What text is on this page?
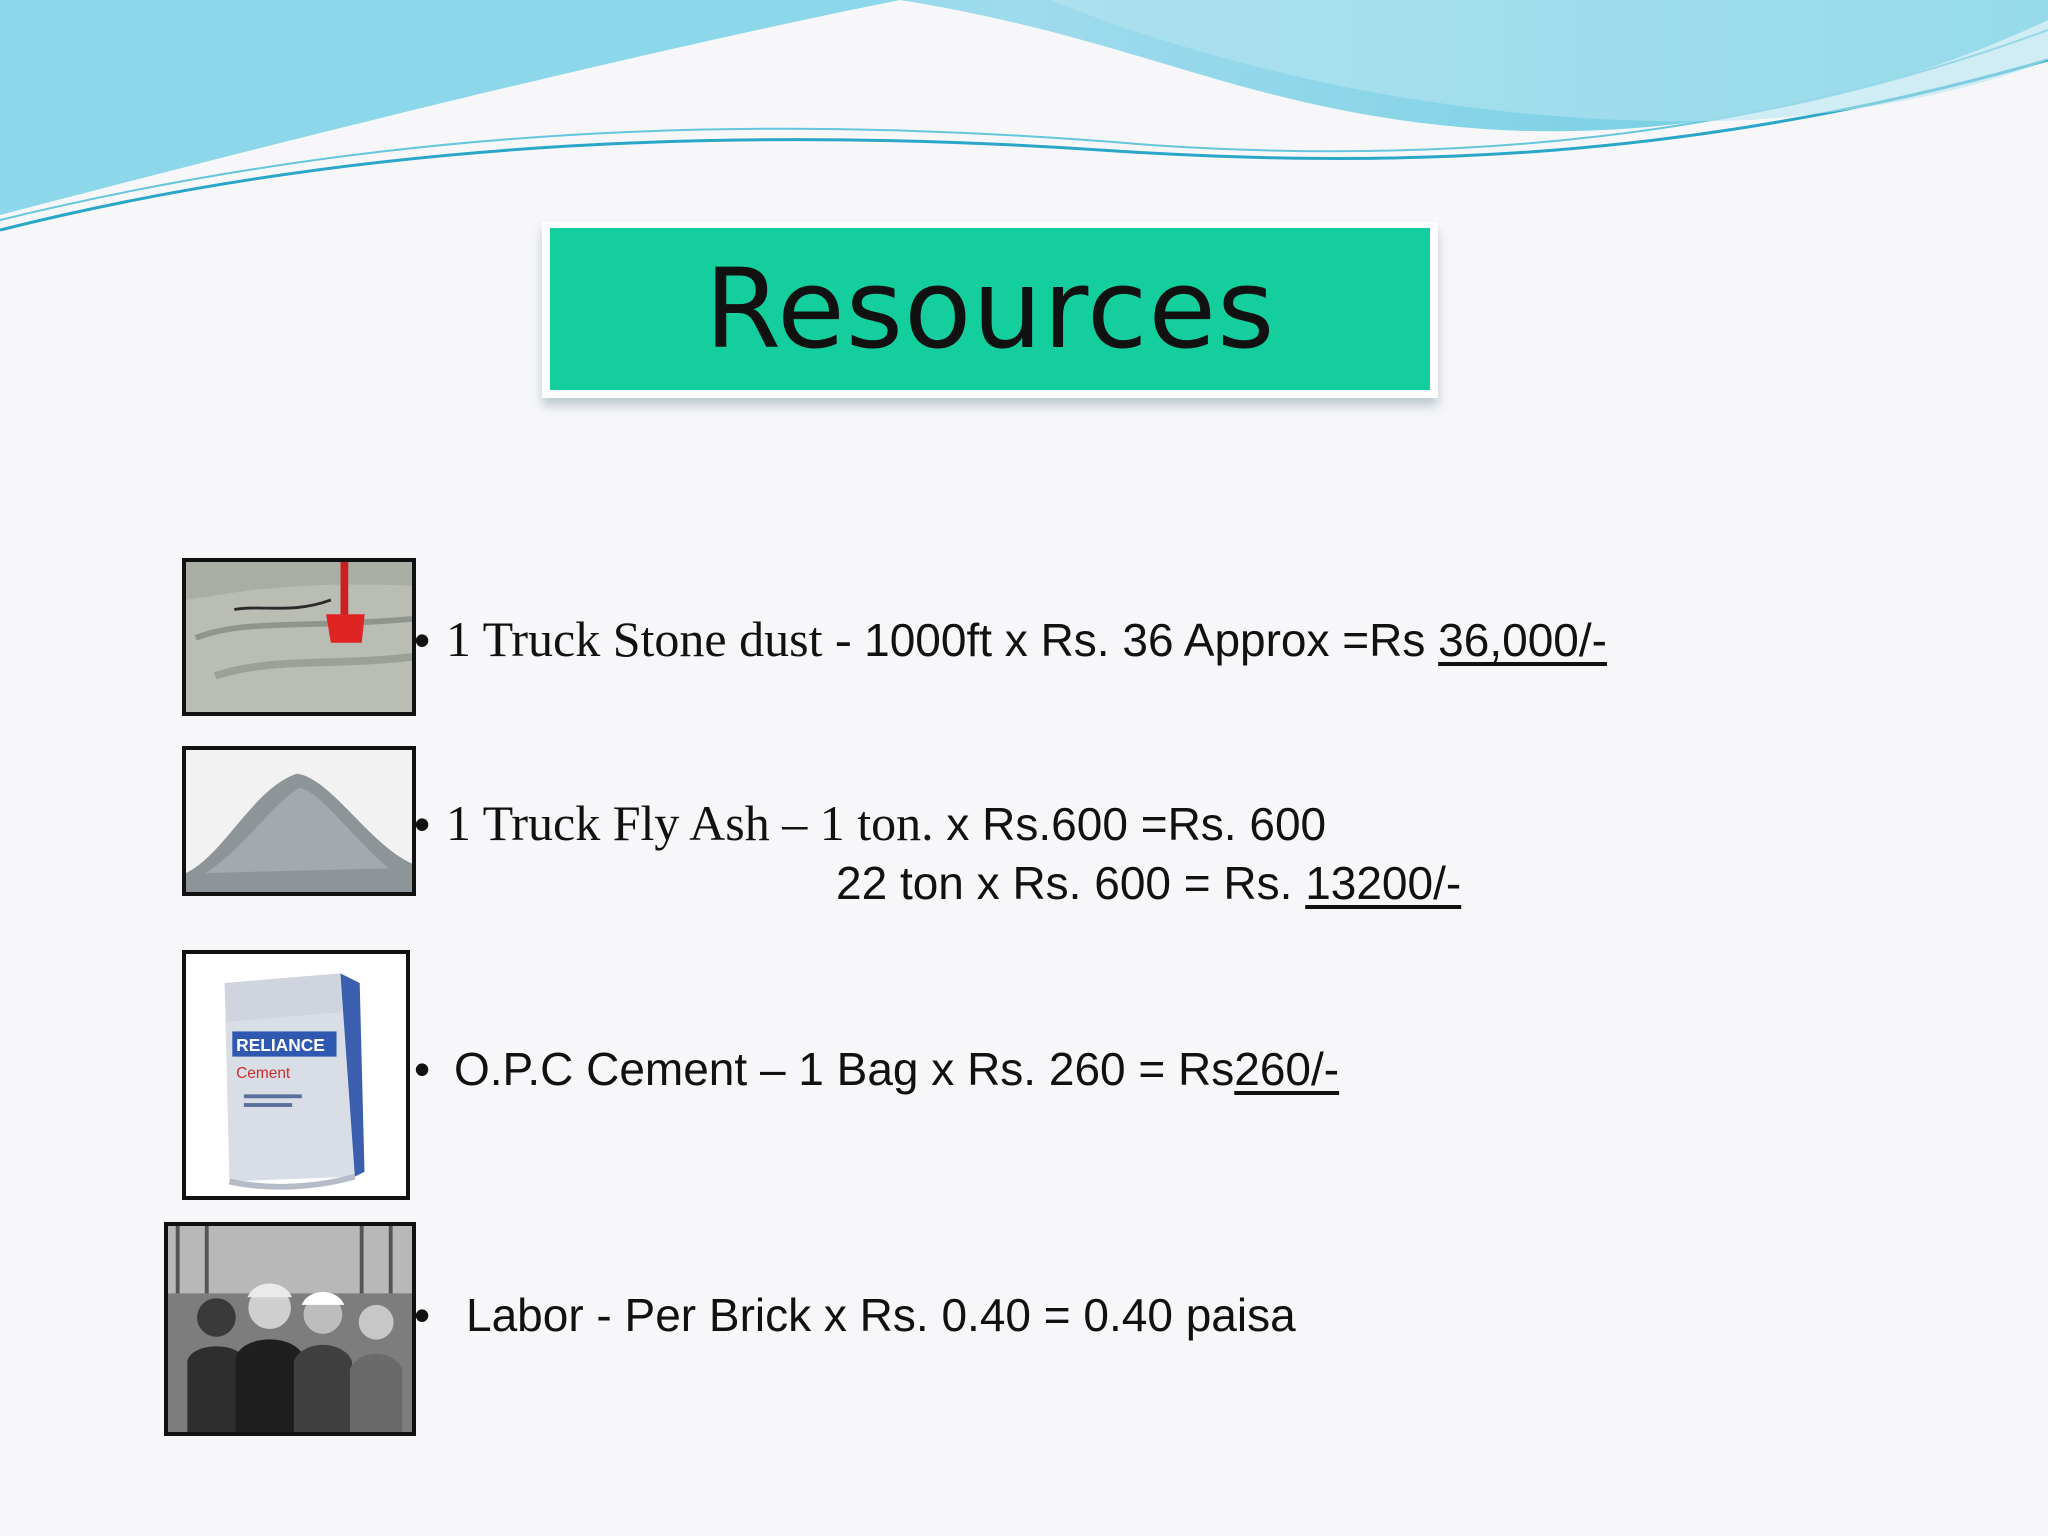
Resources
RELIANCE
Cement
• 1 Truck Stone dust - 1000ft x Rs. 36 Approx =Rs 36,000/-
• 1 Truck Fly Ash – 1 ton. x Rs.600 =Rs. 600
22 ton x Rs. 600 = Rs. 13200/-
• O.P.C Cement – 1 Bag x Rs. 260 = Rs260/-
• Labor - Per Brick x Rs. 0.40 = 0.40 paisa
